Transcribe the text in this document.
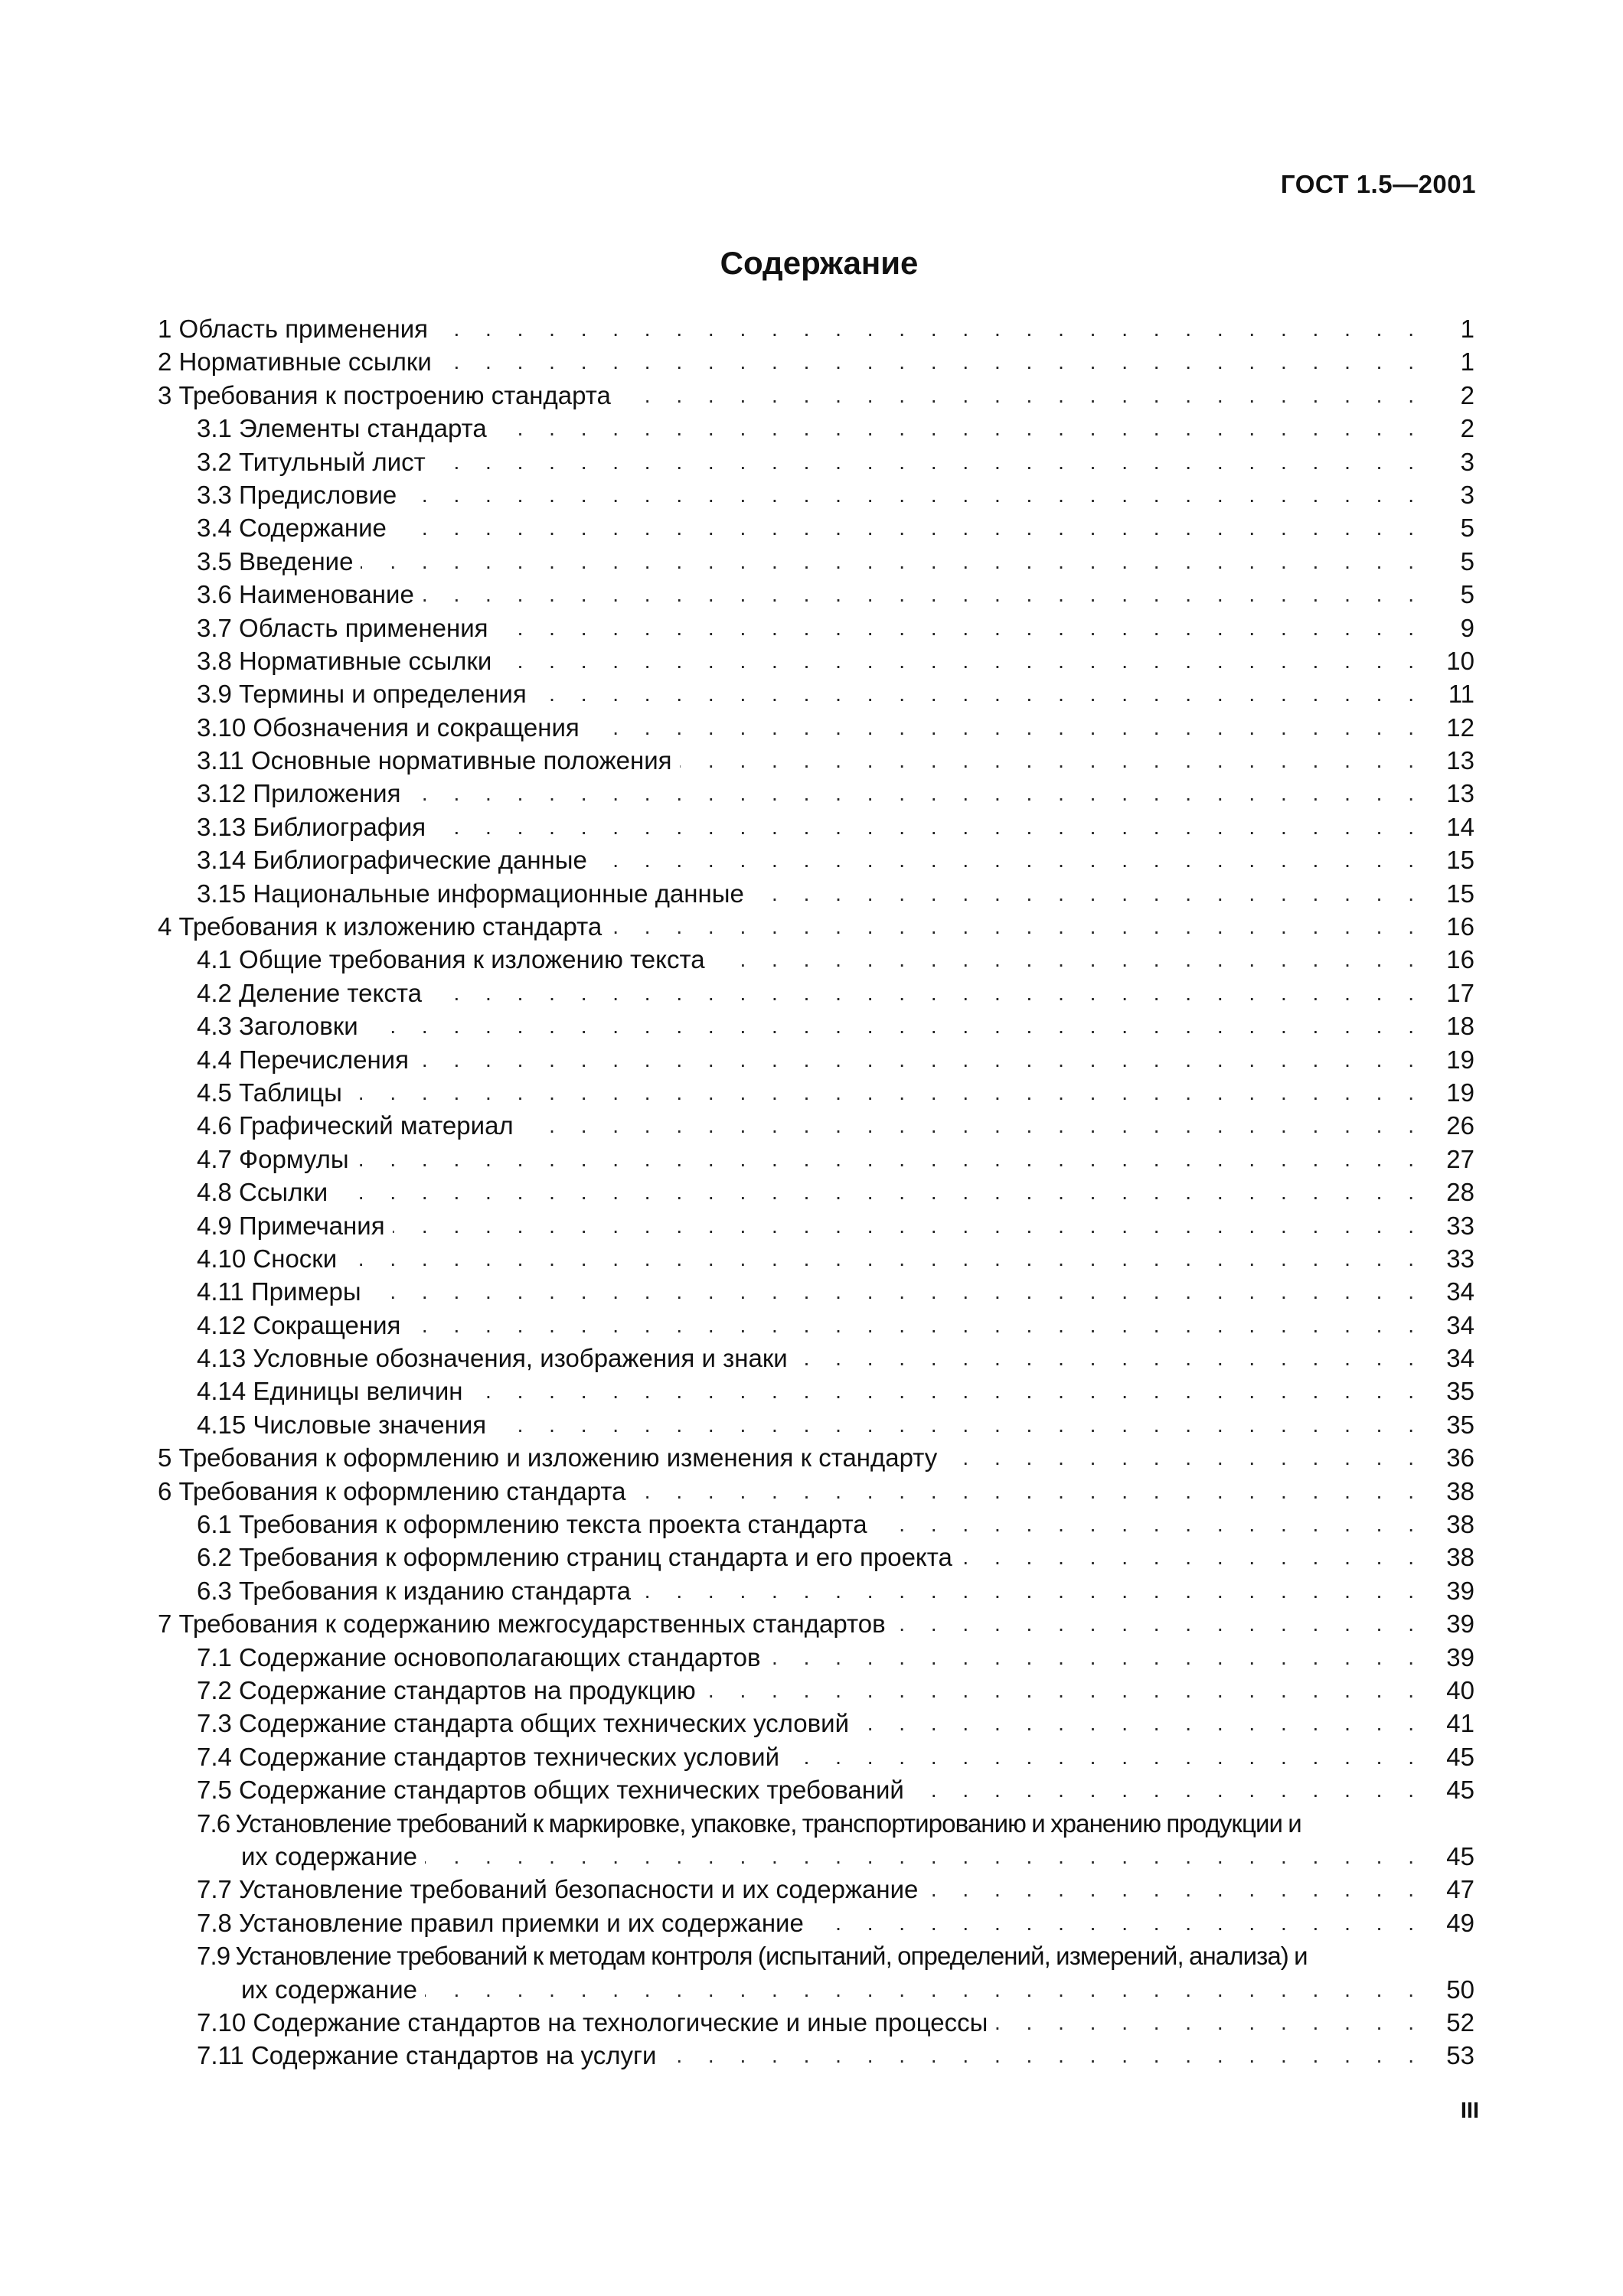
ГОСТ 1.5—2001
Содержание
1 Область применения . . .	1
2 Нормативные ссылки . . .	1
3 Требования к построению стандарта . . .	2
3.1 Элементы стандарта . . .	2
3.2 Титульный лист . . .	3
3.3 Предисловие . . .	3
3.4 Содержание . . .	5
3.5 Введение . . .	5
3.6 Наименование . . .	5
3.7 Область применения . . .	9
3.8 Нормативные ссылки . . .	10
3.9 Термины и определения . . .	11
3.10 Обозначения и сокращения . . .	12
3.11 Основные нормативные положения . . .	13
3.12 Приложения . . .	13
3.13 Библиография . . .	14
3.14 Библиографические данные . . .	15
3.15 Национальные информационные данные . . .	15
4 Требования к изложению стандарта . . .	16
4.1 Общие требования к изложению текста . . .	16
4.2 Деление текста . . .	17
4.3 Заголовки . . .	18
4.4 Перечисления . . .	19
4.5 Таблицы . . .	19
4.6 Графический материал . . .	26
4.7 Формулы . . .	27
4.8 Ссылки . . .	28
4.9 Примечания . . .	33
4.10 Сноски . . .	33
4.11 Примеры . . .	34
4.12 Сокращения . . .	34
4.13 Условные обозначения, изображения и знаки . . .	34
4.14 Единицы величин . . .	35
4.15 Числовые значения . . .	35
5 Требования к оформлению и изложению изменения к стандарту . . .	36
6 Требования к оформлению стандарта . . .	38
6.1 Требования к оформлению текста проекта стандарта . . .	38
6.2 Требования к оформлению страниц стандарта и его проекта . . .	38
6.3 Требования к изданию стандарта . . .	39
7 Требования к содержанию межгосударственных стандартов . . .	39
7.1 Содержание основополагающих стандартов . . .	39
7.2 Содержание стандартов на продукцию . . .	40
7.3 Содержание стандарта общих технических условий . . .	41
7.4 Содержание стандартов технических условий . . .	45
7.5 Содержание стандартов общих технических требований . . .	45
7.6 Установление требований к маркировке, упаковке, транспортированию и хранению продукции и
их содержание . . .	45
7.7 Установление требований безопасности и их содержание . . .	47
7.8 Установление правил приемки и их содержание . . .	49
7.9 Установление требований к методам контроля (испытаний, определений, измерений, анализа) и
их содержание . . .	50
7.10 Содержание стандартов на технологические и иные процессы . . .	52
7.11 Содержание стандартов на услуги . . .	53
III
